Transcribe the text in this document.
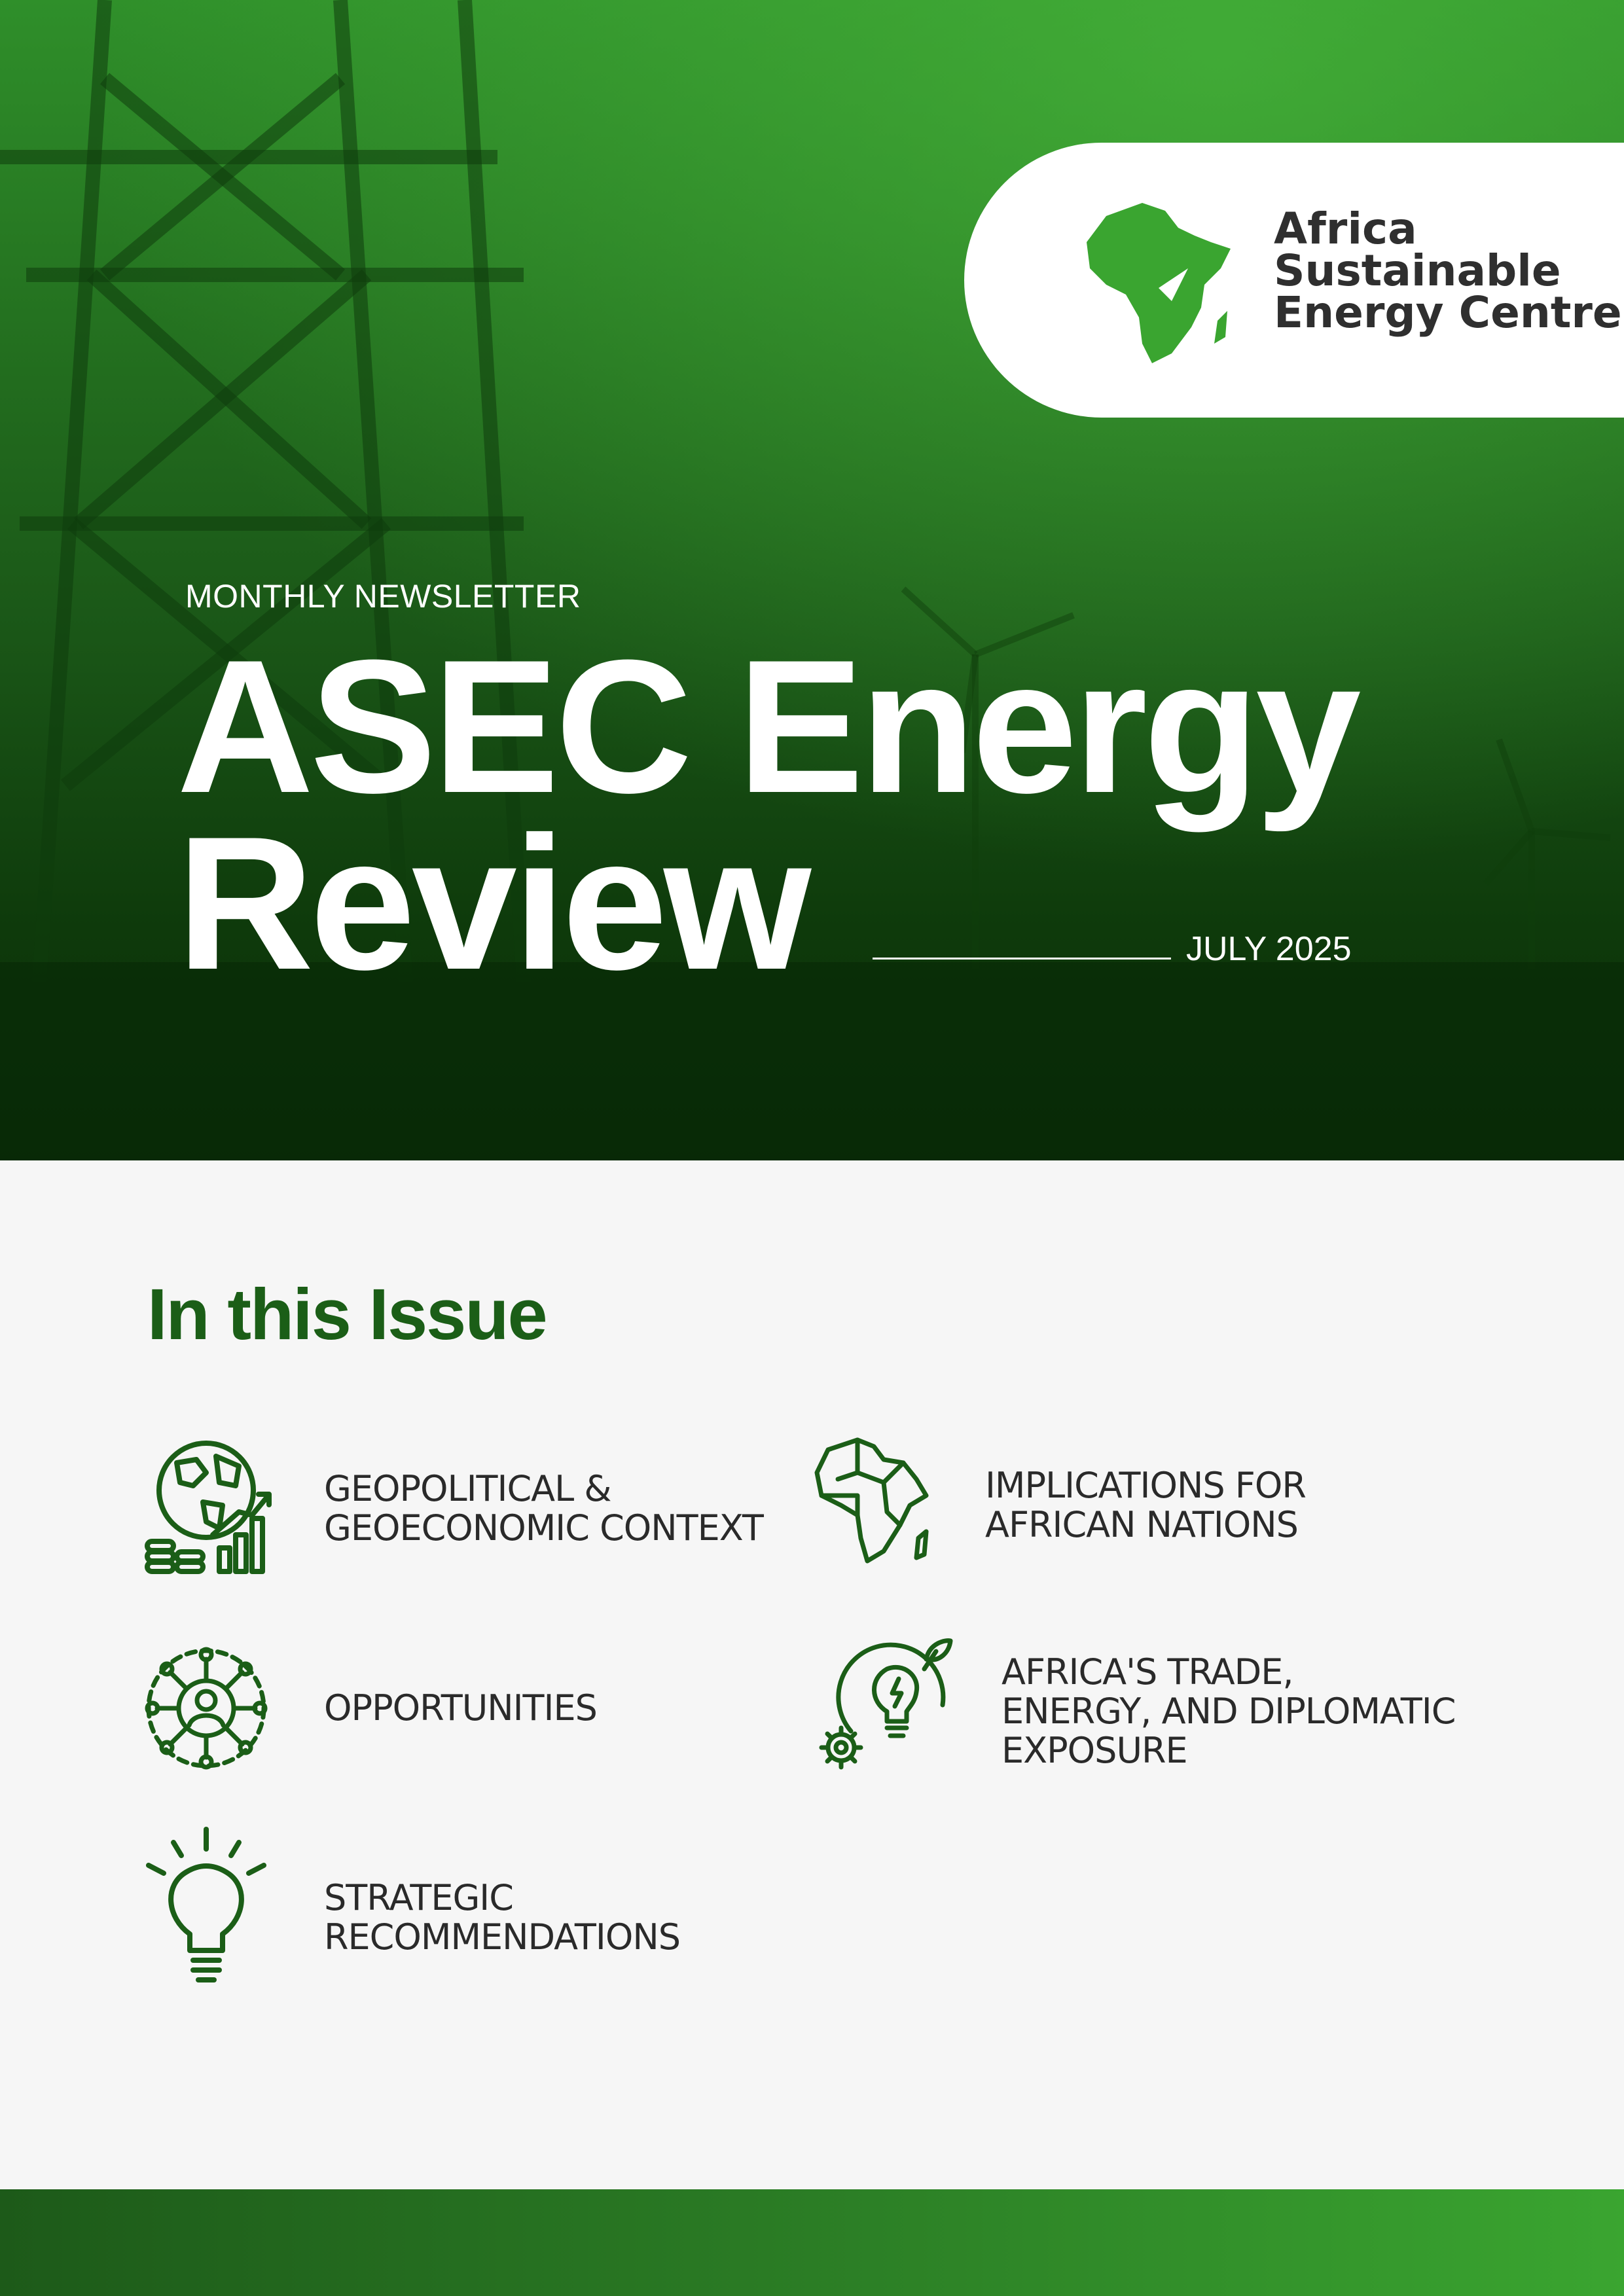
Africa
Sustainable
Energy Centre
MONTHLY NEWSLETTER
ASEC Energy
Review	JULY 2025
In this Issue
GEOPOLITICAL &
GEOECONOMIC CONTEXT
IMPLICATIONS FOR
AFRICAN NATIONS
OPPORTUNITIES
AFRICA'S TRADE,
ENERGY, AND DIPLOMATIC
EXPOSURE
STRATEGIC
RECOMMENDATIONS
